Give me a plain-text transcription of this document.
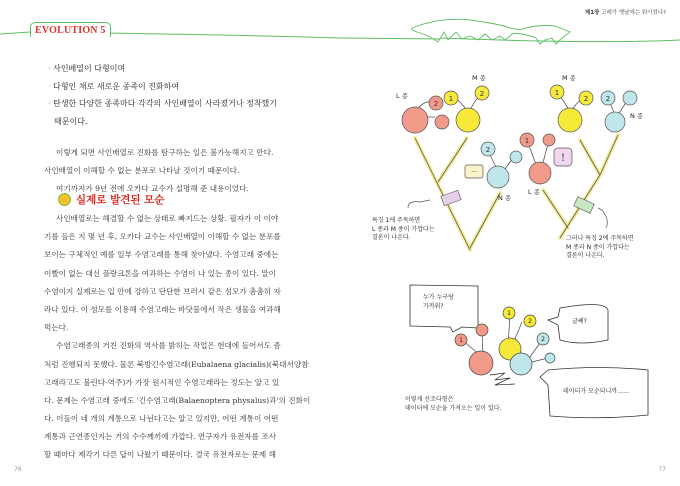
EVOLUTION 5
제1장 고래가 옛날에는 뭐이었나?
· 사인배열이 다형이며
· 다형인 채로 새로운 종족이 진화하여
· 탄생한 다양한 종족마다 각각의 사인배열이 사라졌거나 정착했기
때문이다.
이렇게 되면 사인배열로 진화를 탐구하는 일은 불가능해지고 만다.
사인배열이 이해할 수 없는 분포로 나타날 것이기 때문이다.
여기까지가 9년 전에 오카다 교수가 설명해 준 내용이었다.
실제로 발견된 모순
사인배열로는 해결할 수 없는 상태로 빠지드는 상황. 필자가 이 이야
기를 들은 지 몇 년 후, 오카다 교수는 사인배열이 이해할 수 없는 분포를
보이는 구체적인 예를 일부 수염고래를 통해 찾아냈다. 수염고래 중에는
이빨이 없는 대신 플랑크톤을 여과하는 수염이 나 있는 종이 있다. 말이
수염이지 실제로는 입 안에 강하고 단단한 브러시 같은 섬모가 촘촘히 자
라나 있다. 이 섬모를 이용해 수염고래는 바닷물에서 작은 생물을 여과해
먹는다.
수염고래종의 거친 진화의 역사를 밝히는 작업은 현대에 들어서도 좀
처럼 진행되지 못했다. 물론 북방긴수염고래(Eubalaena glacialis)(북대서양참
고래라고도 불린다-역주)가 가장 원시적인 수염고래라는 정도는 알고 있
다. 문제는 수염고래 중에도 '긴수염고래(Balaenoptera physalus)과'의 진화이
다. 이들이 네 개의 계통으로 나뉜다고는 알고 있지만, 어떤 계통이 어떤
계통과 근연종인지는 거의 수수께끼에 가깝다. 연구자가 유전자를 조사
할 때마다 제각기 다른 답이 나왔기 때문이다. 결국 유전자로는 문제 해
76
2
1
2	1
2	2
2
1
···
!
L 종
M 종	M 종
N 종
N 종
L 종
특징 1에 주목하면
L 종과 M 종이 가깝다는
결론이 나온다.	그러나 특징 2에 주목하면
M 종과 N 종이 가깝다는
결론이 나온다.
1
1
2
2
누가 누구랑
가까워?
글쎄?
데이터가 모순되니까……
이렇게 선조다형은
데이터에 모순을 가져오는 일이 있다.
77
